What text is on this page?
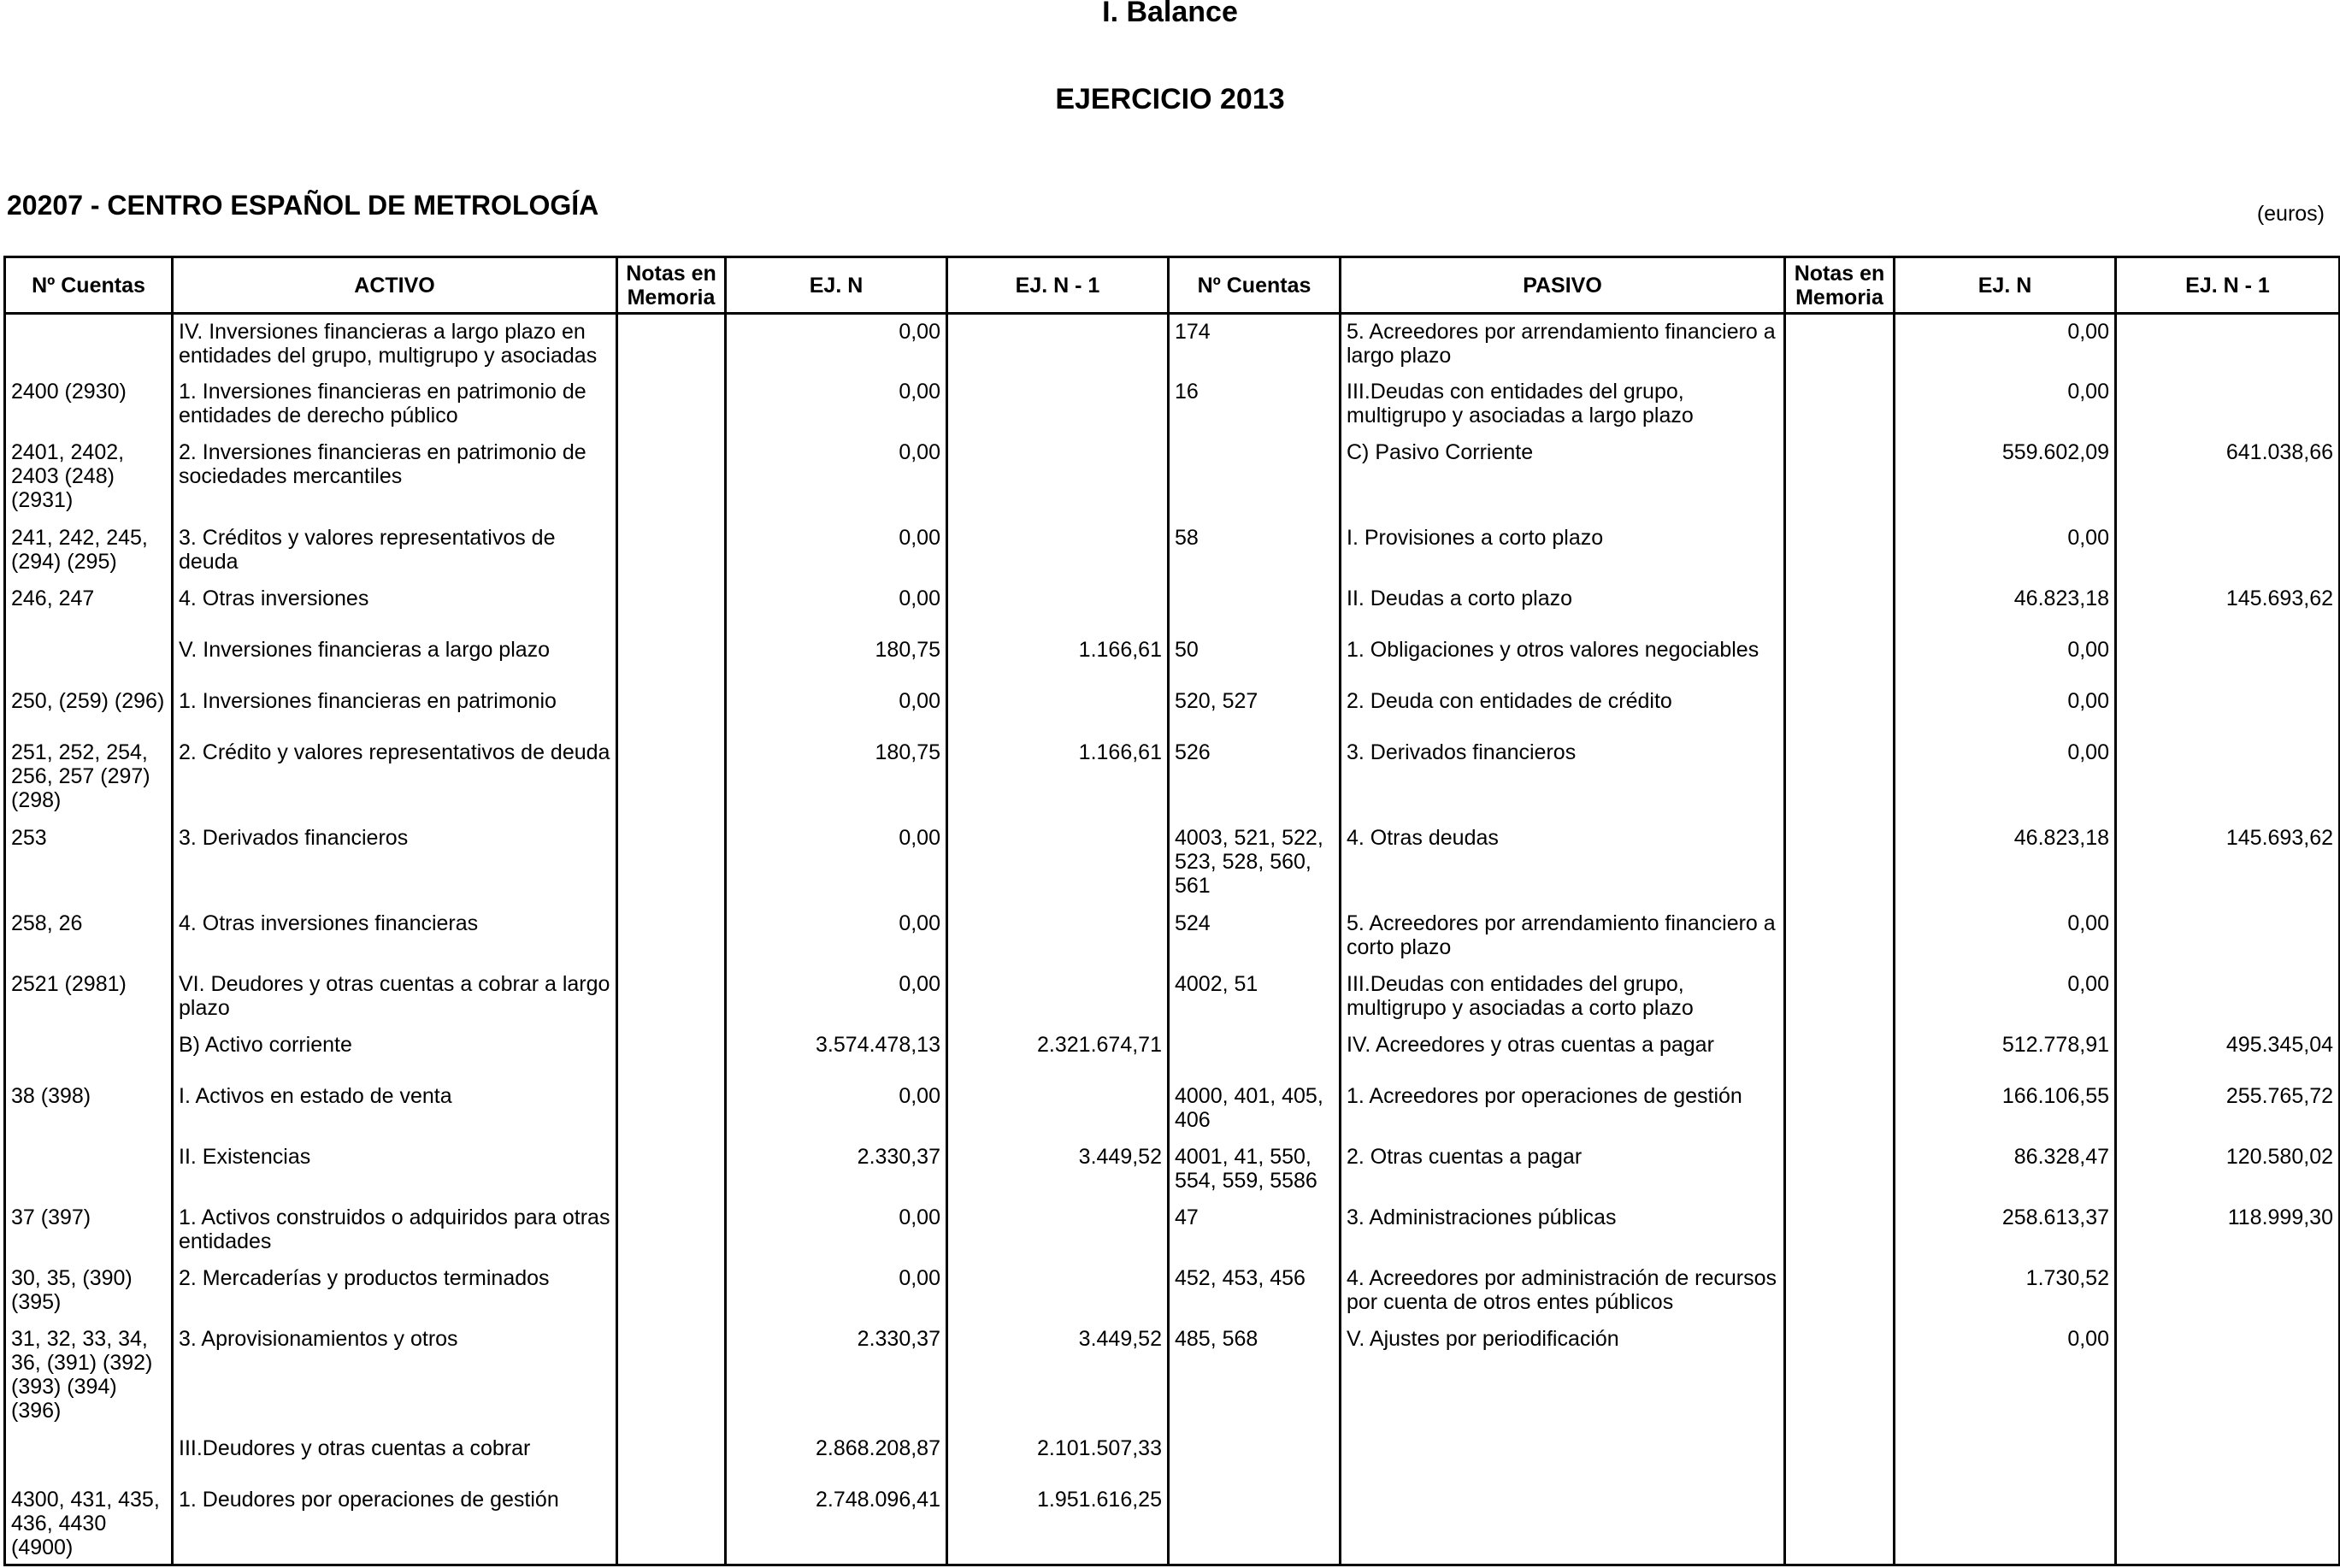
I. Balance
EJERCICIO 2013
20207 - CENTRO ESPAÑOL DE METROLOGÍA	(euros)
Nº Cuentas	ACTIVO	Notas en Memoria	EJ. N	EJ. N - 1	Nº Cuentas	PASIVO	Notas en Memoria	EJ. N	EJ. N - 1
	IV. Inversiones financieras a largo plazo en entidades del grupo, multigrupo y asociadas		0,00		174	5. Acreedores por arrendamiento financiero a largo plazo		0,00	
2400 (2930)	1. Inversiones financieras en patrimonio de entidades de derecho público		0,00		16	III.Deudas con entidades del grupo, multigrupo y asociadas a largo plazo		0,00	
2401, 2402, 2403 (248) (2931)	2. Inversiones financieras en patrimonio de sociedades mercantiles		0,00			C) Pasivo Corriente		559.602,09	641.038,66
241, 242, 245, (294) (295)	3. Créditos y valores representativos de deuda		0,00		58	I. Provisiones a corto plazo		0,00	
246, 247	4. Otras inversiones		0,00			II. Deudas a corto plazo		46.823,18	145.693,62
	V. Inversiones financieras a largo plazo		180,75	1.166,61	50	1. Obligaciones y otros valores negociables		0,00	
250, (259) (296)	1. Inversiones financieras en patrimonio		0,00		520, 527	2. Deuda con entidades de crédito		0,00	
251, 252, 254, 256, 257 (297) (298)	2. Crédito y valores representativos de deuda		180,75	1.166,61	526	3. Derivados financieros		0,00	
253	3. Derivados financieros		0,00		4003, 521, 522, 523, 528, 560, 561	4. Otras deudas		46.823,18	145.693,62
258, 26	4. Otras inversiones financieras		0,00		524	5. Acreedores por arrendamiento financiero a corto plazo		0,00	
2521 (2981)	VI. Deudores y otras cuentas a cobrar a largo plazo		0,00		4002, 51	III.Deudas con entidades del grupo, multigrupo y asociadas a corto plazo		0,00	
	B) Activo corriente		3.574.478,13	2.321.674,71		IV. Acreedores y otras cuentas a pagar		512.778,91	495.345,04
38 (398)	I. Activos en estado de venta		0,00		4000, 401, 405, 406	1. Acreedores por operaciones de gestión		166.106,55	255.765,72
	II. Existencias		2.330,37	3.449,52	4001, 41, 550, 554, 559, 5586	2. Otras cuentas a pagar		86.328,47	120.580,02
37 (397)	1. Activos construidos o adquiridos para otras entidades		0,00		47	3. Administraciones públicas		258.613,37	118.999,30
30, 35, (390) (395)	2. Mercaderías y productos terminados		0,00		452, 453, 456	4. Acreedores por administración de recursos por cuenta de otros entes públicos		1.730,52	
31, 32, 33, 34, 36, (391) (392) (393) (394) (396)	3. Aprovisionamientos y otros		2.330,37	3.449,52	485, 568	V. Ajustes por periodificación		0,00	
	III.Deudores y otras cuentas a cobrar		2.868.208,87	2.101.507,33					
4300, 431, 435, 436, 4430 (4900)	1. Deudores por operaciones de gestión		2.748.096,41	1.951.616,25					
